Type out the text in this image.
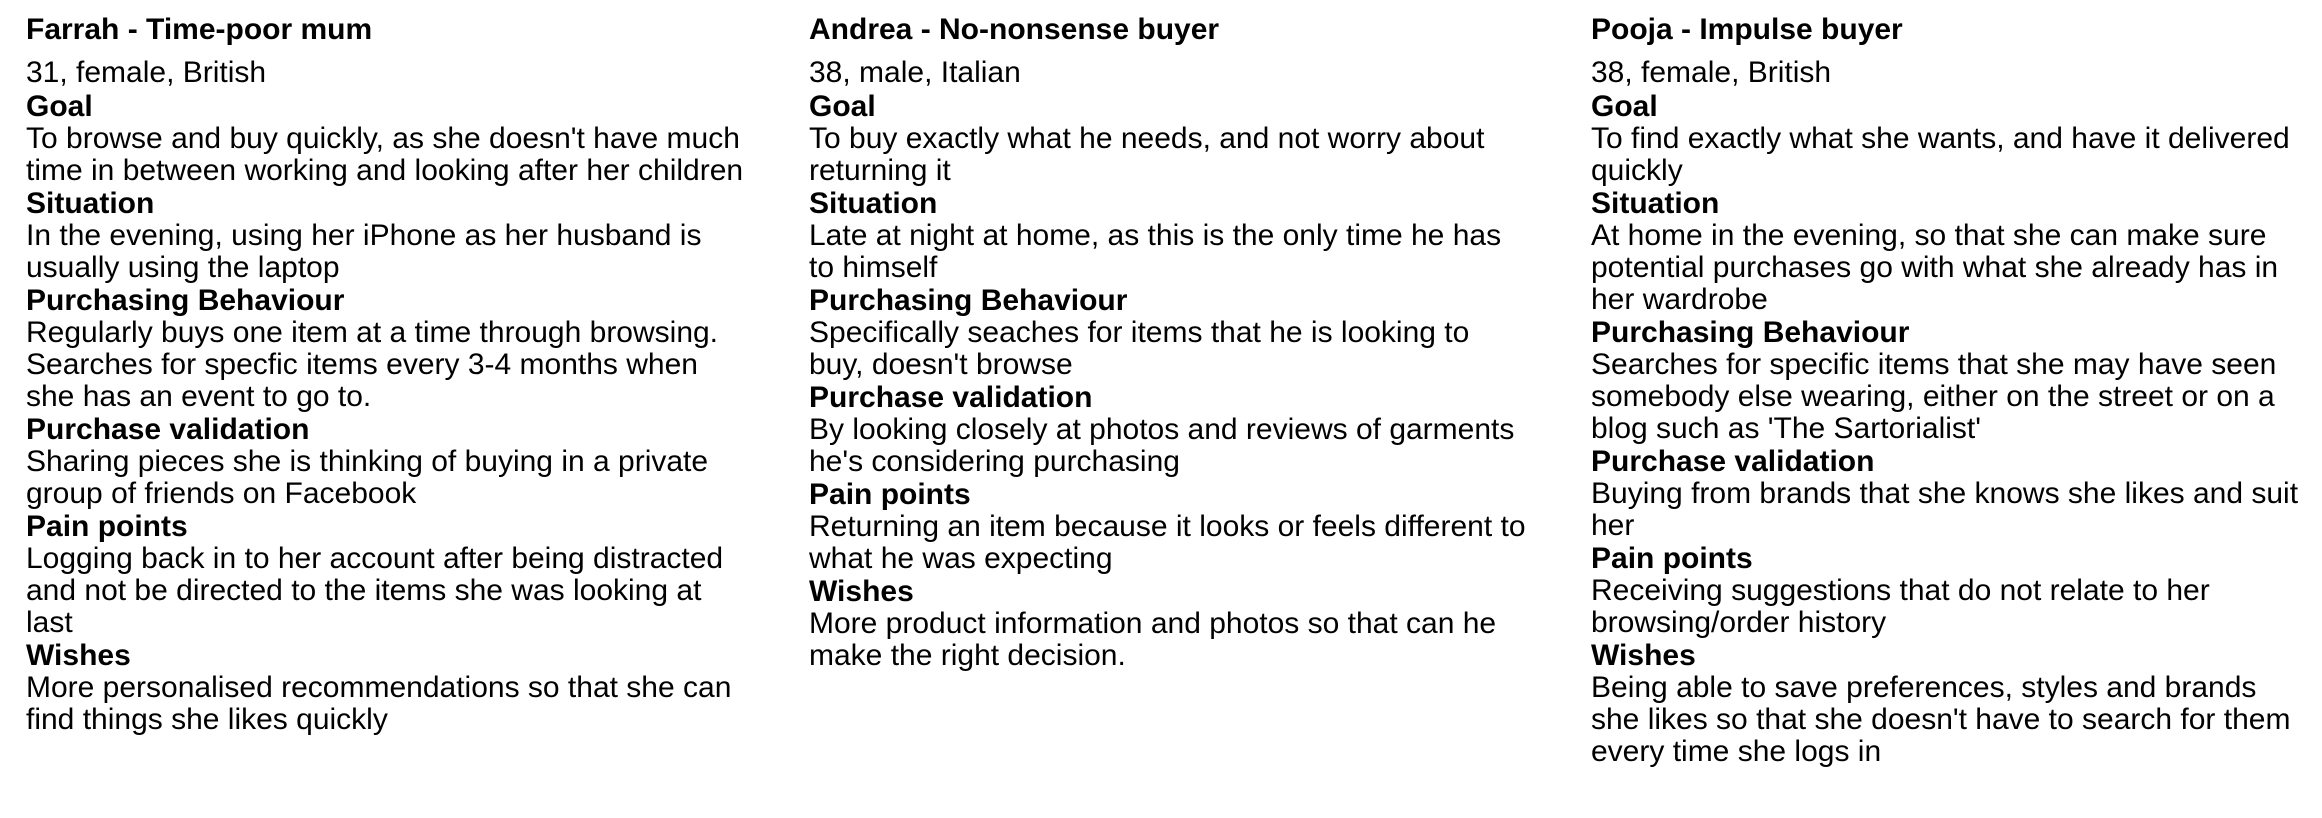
Farrah - Time-poor mum
31, female, British
Goal
To browse and buy quickly, as she doesn't have much time in between working and looking after her children
Situation
In the evening, using her iPhone as her husband is usually using the laptop
Purchasing Behaviour
Regularly buys one item at a time through browsing. Searches for specfic items every 3-4 months when she has an event to go to.
Purchase validation
Sharing pieces she is thinking of buying in a private group of friends on Facebook
Pain points
Logging back in to her account after being distracted and not be directed to the items she was looking at last
Wishes
More personalised recommendations so that she can find things she likes quickly
Andrea - No-nonsense buyer
38, male, Italian
Goal
To buy exactly what he needs, and not worry about returning it
Situation
Late at night at home, as this is the only time he has to himself
Purchasing Behaviour
Specifically seaches for items that he is looking to buy, doesn't browse
Purchase validation
By looking closely at photos and reviews of garments he's considering purchasing
Pain points
Returning an item because it looks or feels different to what he was expecting
Wishes
More product information and photos so that can he make the right decision.
Pooja - Impulse buyer
38, female, British
Goal
To find exactly what she wants, and have it delivered quickly
Situation
At home in the evening, so that she can make sure potential purchases go with what she already has in her wardrobe
Purchasing Behaviour
Searches for specific items that she may have seen somebody else wearing, either on the street or on a blog such as 'The Sartorialist'
Purchase validation
Buying from brands that she knows she likes and suit her
Pain points
Receiving suggestions that do not relate to her browsing/order history
Wishes
Being able to save preferences, styles and brands she likes so that she doesn't have to search for them every time she logs in
